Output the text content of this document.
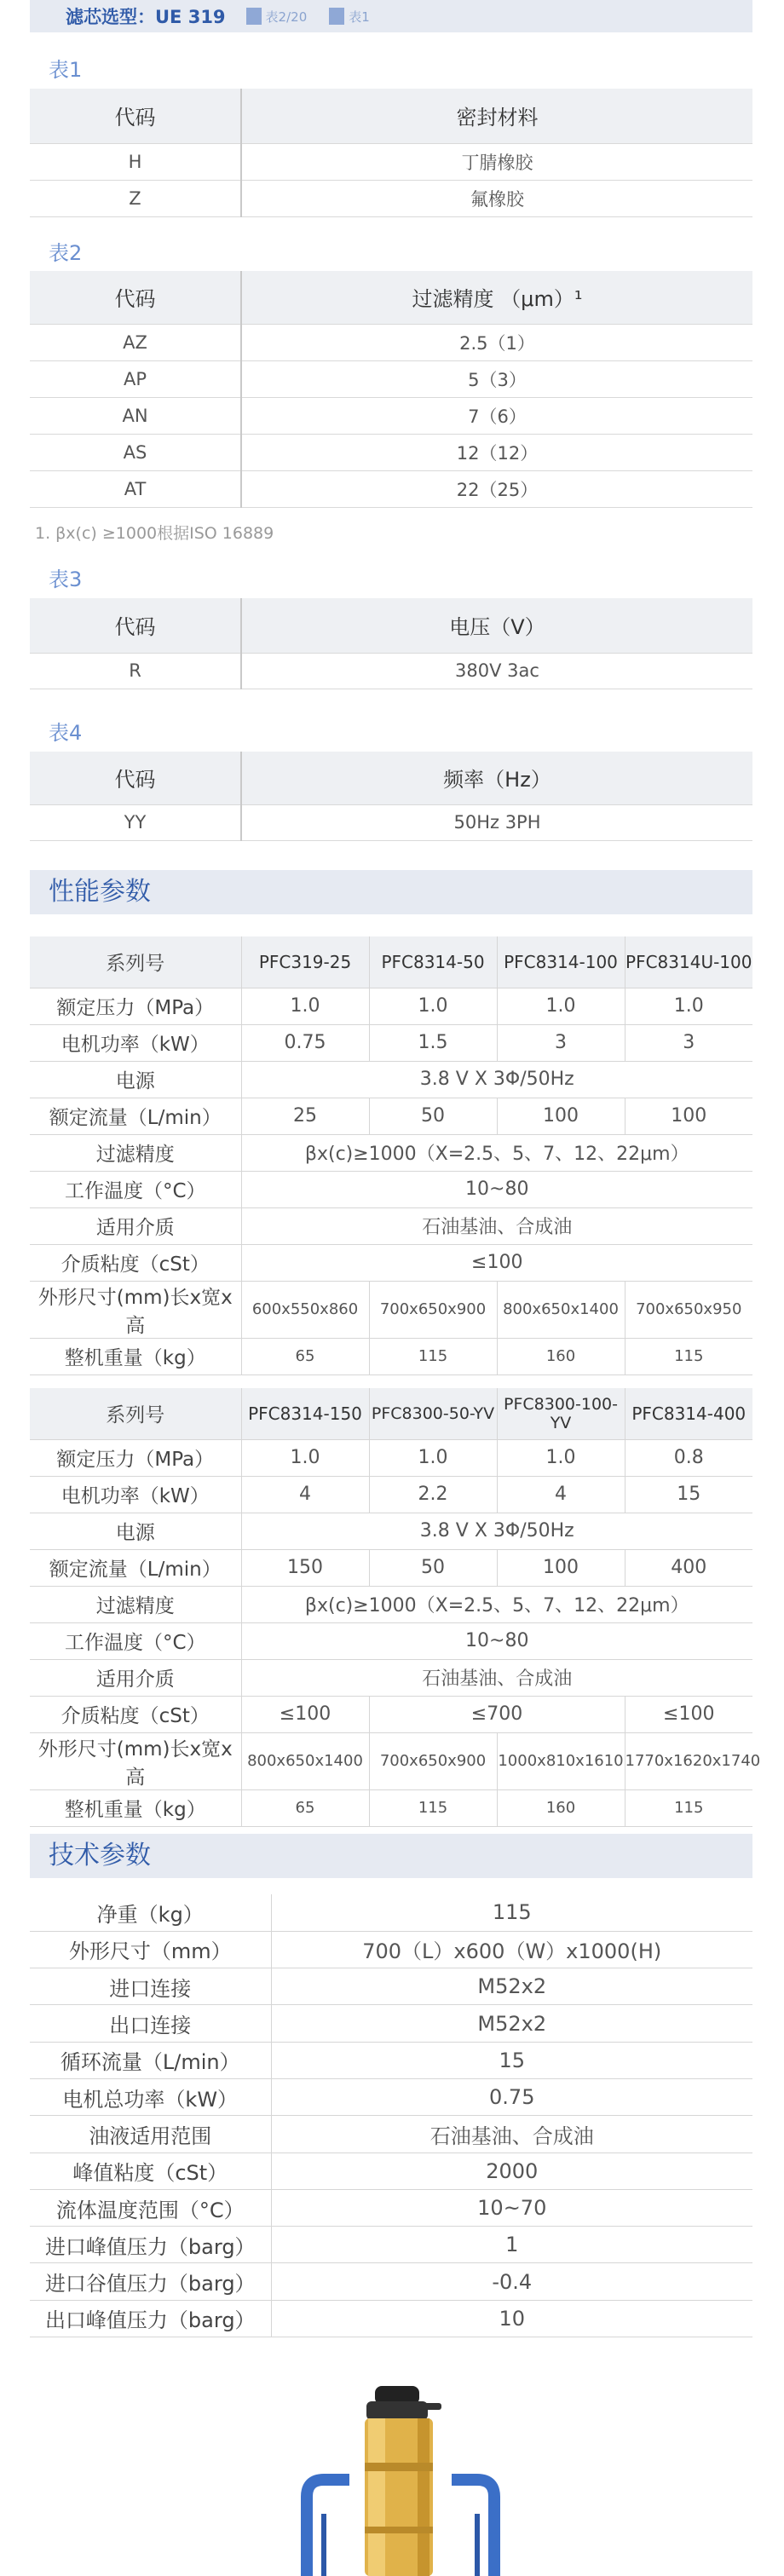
滤芯选型：UE 319	表2/20	表1
表1
代码	密封材料
H	丁腈橡胶
Z	氟橡胶
表2
代码	过滤精度 （μm）¹
AZ	2.5（1）
AP	5（3）
AN	7（6）
AS	12（12）
AT	22（25）
1. βx(c) ≥1000根据ISO 16889
表3
代码	电压（V）
R	380V 3ac
表4
代码	频率（Hz）
YY	50Hz 3PH
性能参数
系列号	PFC319-25	PFC8314-50	PFC8314-100	PFC8314U-100
额定压力（MPa）	1.0	1.0	1.0	1.0
电机功率（kW）	0.75	1.5	3	3
电源	3.8 V X 3Φ/50Hz			
额定流量（L/min）	25	50	100	100
过滤精度	βx(c)≥1000（X=2.5、5、7、12、22μm）			
工作温度（°C）	10~80			
适用介质	石油基油、合成油			
介质粘度（cSt）	≤100			
外形尺寸(mm)长x宽x高	600x550x860	700x650x900	800x650x1400	700x650x950
整机重量（kg）	65	115	160	115
系列号	PFC8314-150	PFC8300-50-YV	PFC8300-100-YV	PFC8314-400
额定压力（MPa）	1.0	1.0	1.0	0.8
电机功率（kW）	4	2.2	4	15
电源	3.8 V X 3Φ/50Hz			
额定流量（L/min）	150	50	100	400
过滤精度	βx(c)≥1000（X=2.5、5、7、12、22μm）			
工作温度（°C）	10~80			
适用介质	石油基油、合成油			
介质粘度（cSt）	≤100	≤700		≤100
外形尺寸(mm)长x宽x高	800x650x1400	700x650x900	1000x810x1610	1770x1620x1740
整机重量（kg）	65	115	160	115
技术参数
净重（kg）	115
外形尺寸（mm）	700（L）x600（W）x1000(H)
进口连接	M52x2
出口连接	M52x2
循环流量（L/min）	15
电机总功率（kW）	0.75
油液适用范围	石油基油、合成油
峰值粘度（cSt）	2000
流体温度范围（°C）	10~70
进口峰值压力（barg）	1
进口谷值压力（barg）	-0.4
出口峰值压力（barg）	10
